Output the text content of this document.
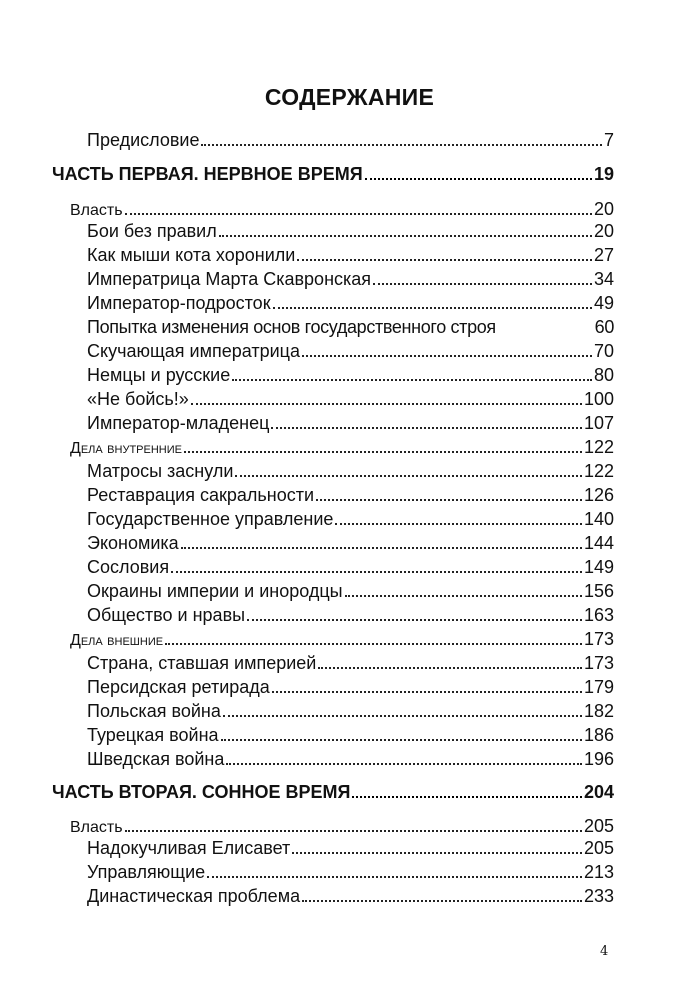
СОДЕРЖАНИЕ
Предисловие	7
ЧАСТЬ ПЕРВАЯ. НЕРВНОЕ ВРЕМЯ	19
Власть	20
Бои без правил	20
Как мыши кота хоронили	27
Императрица Марта Скавронская	34
Император-подросток	49
Попытка изменения основ государственного строя	60
Скучающая императрица	70
Немцы и русские	80
«Не бойсь!»	100
Император-младенец	107
Дела внутренние	122
Матросы заснули	122
Реставрация сакральности	126
Государственное управление	140
Экономика	144
Сословия	149
Окраины империи и инородцы	156
Общество и нравы	163
Дела внешние	173
Страна, ставшая империей	173
Персидская ретирада	179
Польская война	182
Турецкая война	186
Шведская война	196
ЧАСТЬ ВТОРАЯ. СОННОЕ ВРЕМЯ	204
Власть	205
Надокучливая Елисавет	205
Управляющие	213
Династическая проблема	233
4
